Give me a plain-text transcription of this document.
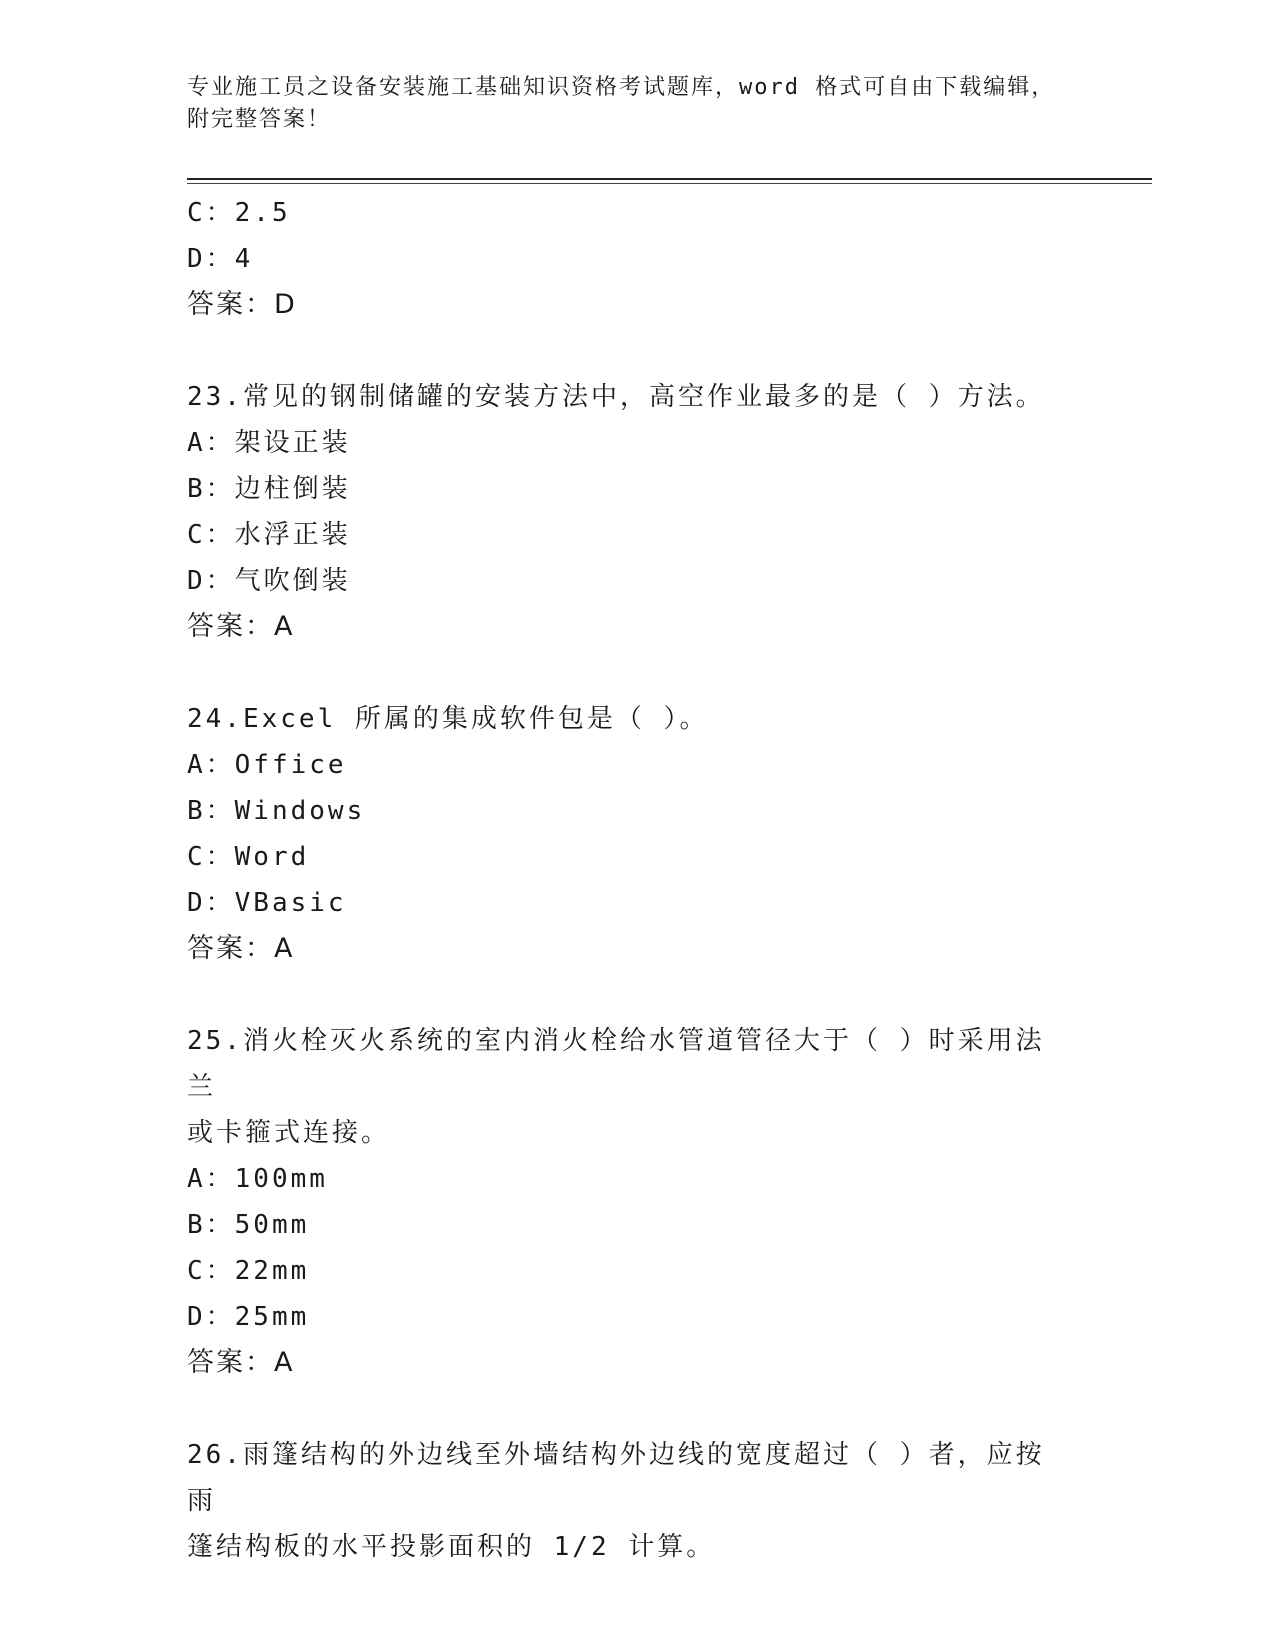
专业施工员之设备安装施工基础知识资格考试题库，word 格式可自由下载编辑，
附完整答案！
C：2.5
D：4
答案：D
23.常见的钢制储罐的安装方法中，高空作业最多的是（ ）方法。
A：架设正装
B：边柱倒装
C：水浮正装
D：气吹倒装
答案：A
24.Excel 所属的集成软件包是（ ）。
A：Office
B：Windows
C：Word
D：VBasic
答案：A
25.消火栓灭火系统的室内消火栓给水管道管径大于（ ）时采用法兰
或卡箍式连接。
A：100mm
B：50mm
C：22mm
D：25mm
答案：A
26.雨篷结构的外边线至外墙结构外边线的宽度超过（ ）者，应按雨
篷结构板的水平投影面积的 1/2 计算。
